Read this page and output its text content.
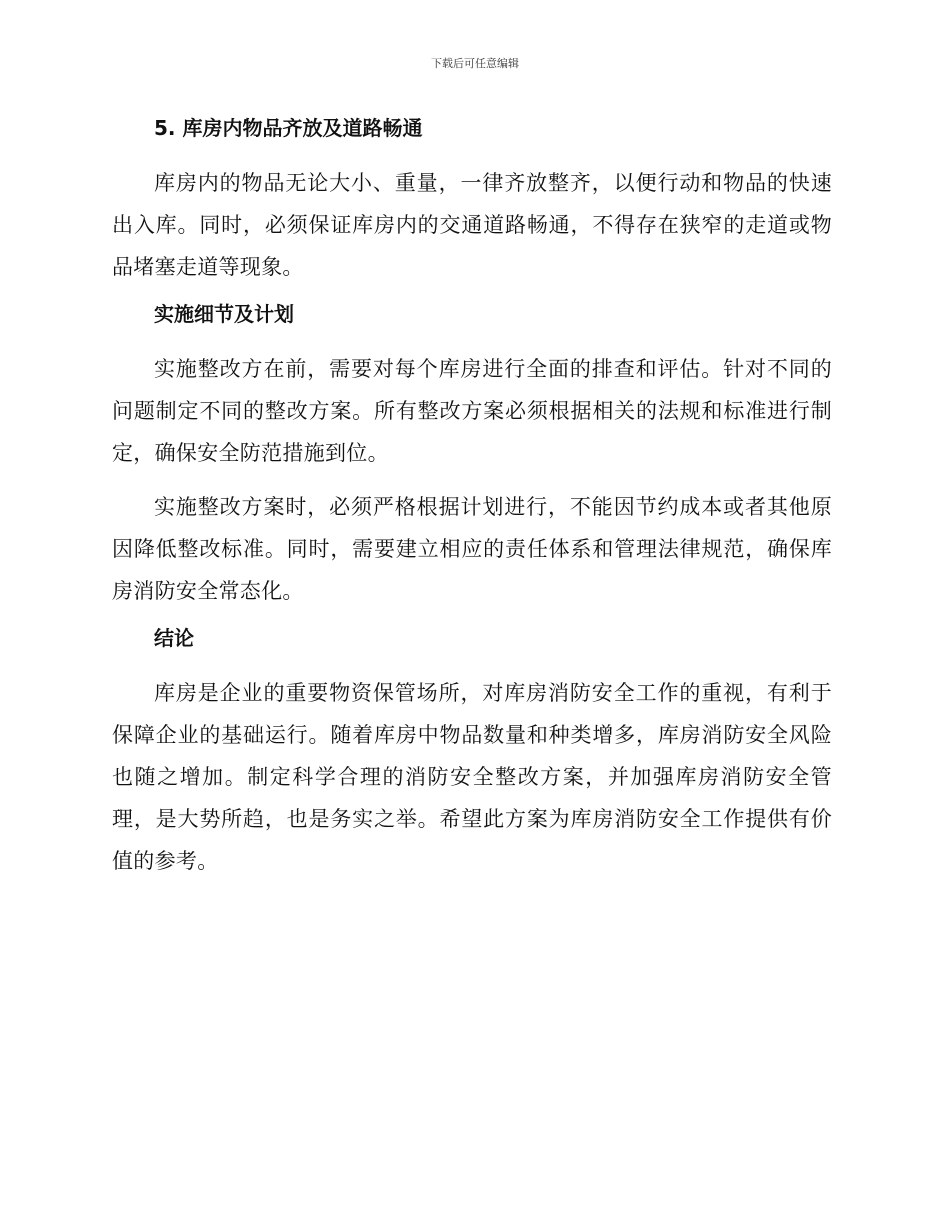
下载后可任意编辑
5. 库房内物品齐放及道路畅通

库房内的物品无论大小、重量，一律齐放整齐，以便行动和物品的快速出入库。同时，必须保证库房内的交通道路畅通，不得存在狭窄的走道或物品堵塞走道等现象。

实施细节及计划

实施整改方在前，需要对每个库房进行全面的排查和评估。针对不同的问题制定不同的整改方案。所有整改方案必须根据相关的法规和标准进行制定，确保安全防范措施到位。

实施整改方案时，必须严格根据计划进行，不能因节约成本或者其他原因降低整改标准。同时，需要建立相应的责任体系和管理法律规范，确保库房消防安全常态化。

结论

库房是企业的重要物资保管场所，对库房消防安全工作的重视，有利于保障企业的基础运行。随着库房中物品数量和种类增多，库房消防安全风险也随之增加。制定科学合理的消防安全整改方案，并加强库房消防安全管理，是大势所趋，也是务实之举。希望此方案为库房消防安全工作提供有价值的参考。
